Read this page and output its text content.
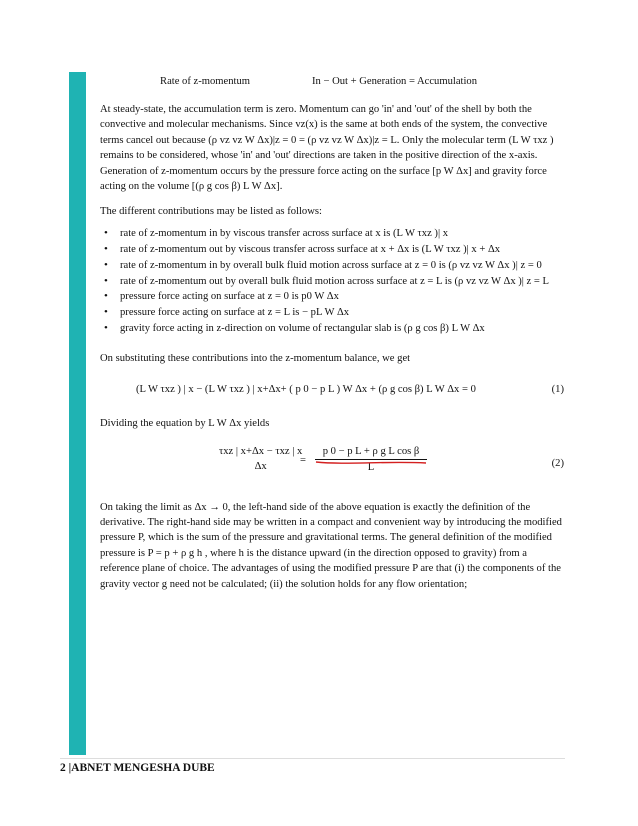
Rate of z-momentum	In − Out + Generation = Accumulation

At steady-state, the accumulation term is zero. Momentum can go 'in' and 'out' of the shell by both the convective and molecular mechanisms. Since vz(x) is the same at both ends of the system, the convective terms cancel out because (ρ vz vz W Δx)|z = 0 = (ρ vz vz W Δx)|z = L. Only the molecular term (L W τxz ) remains to be considered, whose 'in' and 'out' directions are taken in the positive direction of the x-axis. Generation of z-momentum occurs by the pressure force acting on the surface [p W Δx] and gravity force acting on the volume [(ρ g cos β) L W Δx].

The different contributions may be listed as follows:

• rate of z-momentum in by viscous transfer across surface at x is (L W τxz )| x
• rate of z-momentum out by viscous transfer across surface at x + Δx is (L W τxz )| x + Δx
• rate of z-momentum in by overall bulk fluid motion across surface at z = 0 is (ρ vz vz W Δx )| z = 0
• rate of z-momentum out by overall bulk fluid motion across surface at z = L is (ρ vz vz W Δx )| z = L
• pressure force acting on surface at z = 0 is p0 W Δx
• pressure force acting on surface at z = L is − pL W Δx
• gravity force acting in z-direction on volume of rectangular slab is (ρ g cos β) L W Δx

On substituting these contributions into the z-momentum balance, we get

(L W τxz ) | x − (L W τxz ) | x+Δx+ ( p 0 − p L ) W Δx + (ρ g cos β) L W Δx = 0	(1)

Dividing the equation by L W Δx yields

τxz | x+Δx − τxz | x
Δx
= $\frac{\text{p 0 − p L + ρ g L cos β}}{L}$	(2)

On taking the limit as Δx → 0, the left-hand side of the above equation is exactly the definition of the derivative. The right-hand side may be written in a compact and convenient way by introducing the modified pressure P, which is the sum of the pressure and gravitational terms. The general definition of the modified pressure is P = p + ρ g h , where h is the distance upward (in the direction opposed to gravity) from a reference plane of choice. The advantages of using the modified pressure P are that (i) the components of the gravity vector g need not be calculated; (ii) the solution holds for any flow orientation;

2 |ABNET MENGESHA DUBE
